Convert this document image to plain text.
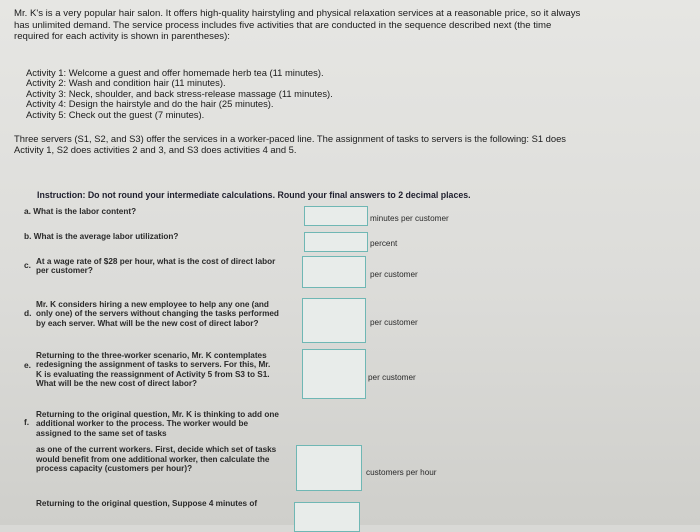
Mr. K's is a very popular hair salon. It offers high-quality hairstyling and physical relaxation services at a reasonable price, so it always
has unlimited demand. The service process includes five activities that are conducted in the sequence described next (the time
required for each activity is shown in parentheses):
Activity 1: Welcome a guest and offer homemade herb tea (11 minutes).
Activity 2: Wash and condition hair (11 minutes).
Activity 3: Neck, shoulder, and back stress-release massage (11 minutes).
Activity 4: Design the hairstyle and do the hair (25 minutes).
Activity 5: Check out the guest (7 minutes).
Three servers (S1, S2, and S3) offer the services in a worker-paced line. The assignment of tasks to servers is the following: S1 does
Activity 1, S2 does activities 2 and 3, and S3 does activities 4 and 5.
Instruction: Do not round your intermediate calculations. Round your final answers to 2 decimal places.
a. What is the labor content?
minutes per customer
b. What is the average labor utilization?
percent
c. At a wage rate of $28 per hour, what is the cost of direct labor
per customer?	per customer
d.
Mr. K considers hiring a new employee to help any one (and
only one) of the servers without changing the tasks performed
by each server. What will be the new cost of direct labor?	per customer
e.
Returning to the three-worker scenario, Mr. K contemplates
redesigning the assignment of tasks to servers. For this, Mr.
K is evaluating the reassignment of Activity 5 from S3 to S1.
What will be the new cost of direct labor?
per customer
f.
Returning to the original question, Mr. K is thinking to add one
additional worker to the process. The worker would be
assigned to the same set of tasks
as one of the current workers. First, decide which set of tasks
would benefit from one additional worker, then calculate the
process capacity (customers per hour)?	customers per hour
Returning to the original question, Suppose 4 minutes of
